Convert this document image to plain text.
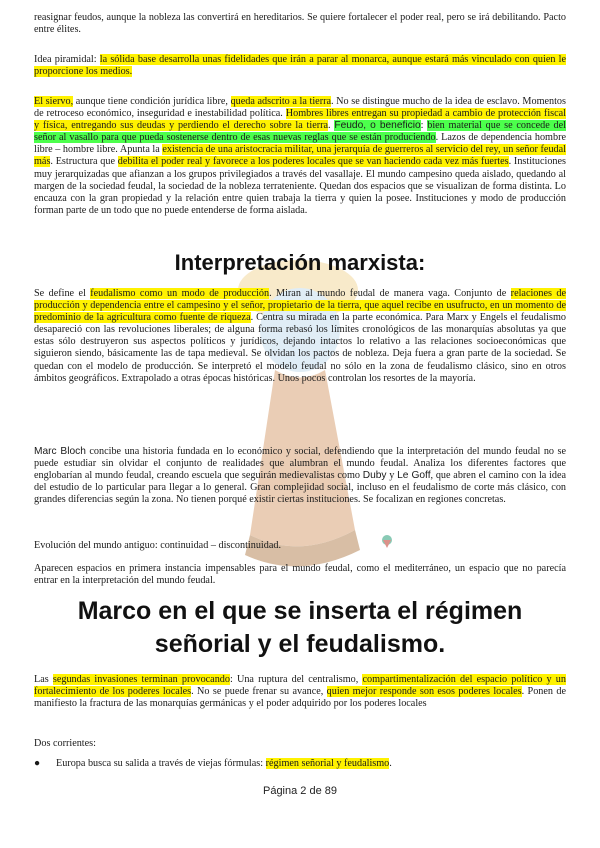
reasignar feudos, aunque la nobleza las convertirá en hereditarios. Se quiere fortalecer el poder real, pero se irá debilitando. Pacto entre élites.

Idea piramidal: la sólida base desarrolla unas fidelidades que irán a parar al monarca, aunque estará más vinculado con quien le proporcione los medios.

El siervo, aunque tiene condición jurídica libre, queda adscrito a la tierra. No se distingue mucho de la idea de esclavo. Momentos de retroceso económico, inseguridad e inestabilidad política. Hombres libres entregan su propiedad a cambio de protección fiscal y física, entregando sus deudas y perdiendo el derecho sobre la tierra. Feudo, o beneficio: bien material que se concede del señor al vasallo para que pueda sostenerse dentro de esas nuevas reglas que se están produciendo. Lazos de dependencia hombre libre – hombre libre. Apunta la existencia de una aristocracia militar, una jerarquía de guerreros al servicio del rey, un señor feudal más. Estructura que debilita el poder real y favorece a los poderes locales que se van haciendo cada vez más fuertes. Instituciones muy jerarquizadas que afianzan a los grupos privilegiados a través del vasallaje. El mundo campesino queda aislado, quedando al margen de la sociedad feudal, la sociedad de la nobleza terrateniente. Quedan dos espacios que se visualizan de forma distinta. Lo encauza con la gran propiedad y la relación entre quien trabaja la tierra y quien la posee. Instituciones y modo de producción forman parte de un todo que no puede entenderse de forma aislada.

Interpretación marxista:

Se define el feudalismo como un modo de producción. Miran al mundo feudal de manera vaga. Conjunto de relaciones de producción y dependencia entre el campesino y el señor, propietario de la tierra, que aquel recibe en usufructo, en un momento de predominio de la agricultura como fuente de riqueza. Centra su mirada en la parte económica. Para Marx y Engels el feudalismo desapareció con las revoluciones liberales; de alguna forma rebasó los límites cronológicos de las monarquías absolutas ya que estas sólo destruyeron sus aspectos políticos y jurídicos, dejando intactos lo relativo a las relaciones socioeconómicas que siguieron siendo, básicamente las de tapa medieval. Se olvidan los pactos de nobleza. Deja fuera a gran parte de la sociedad. Se quedan con el modelo de producción. Se interpretó el modelo feudal no sólo en la zona de feudalismo clásico, sino en otros ámbitos geográficos. Extrapolado a otras épocas históricas. Unos pocos controlan los resortes de la mayoría.

Marc Bloch concibe una historia fundada en lo económico y social, defendiendo que la interpretación del mundo feudal no se puede estudiar sin olvidar el conjunto de realidades que alumbran el mundo feudal. Analiza los diferentes factores que englobarían al mundo feudal, creando escuela que seguirán medievalistas como Duby y Le Goff, que abren el camino con la idea del estudio de lo particular para llegar a lo general. Gran complejidad social, incluso en el feudalismo de corte más clásico, con grandes diferencias según la zona. No tienen porqué existir ciertas instituciones. Se focalizan en regiones concretas.

Evolución del mundo antiguo: continuidad – discontinuidad.

Aparecen espacios en primera instancia impensables para el mundo feudal, como el mediterráneo, un espacio que no parecía entrar en la interpretación del mundo feudal.

Marco en el que se inserta el régimen
señorial y el feudalismo.

Las segundas invasiones terminan provocando: Una ruptura del centralismo, compartimentalización del espacio político y un fortalecimiento de los poderes locales. No se puede frenar su avance, quien mejor responde son esos poderes locales. Ponen de manifiesto la fractura de las monarquías germánicas y el poder adquirido por los poderes locales

Dos corrientes:

● Europa busca su salida a través de viejas fórmulas: régimen señorial y feudalismo.
Página 2 de 89
